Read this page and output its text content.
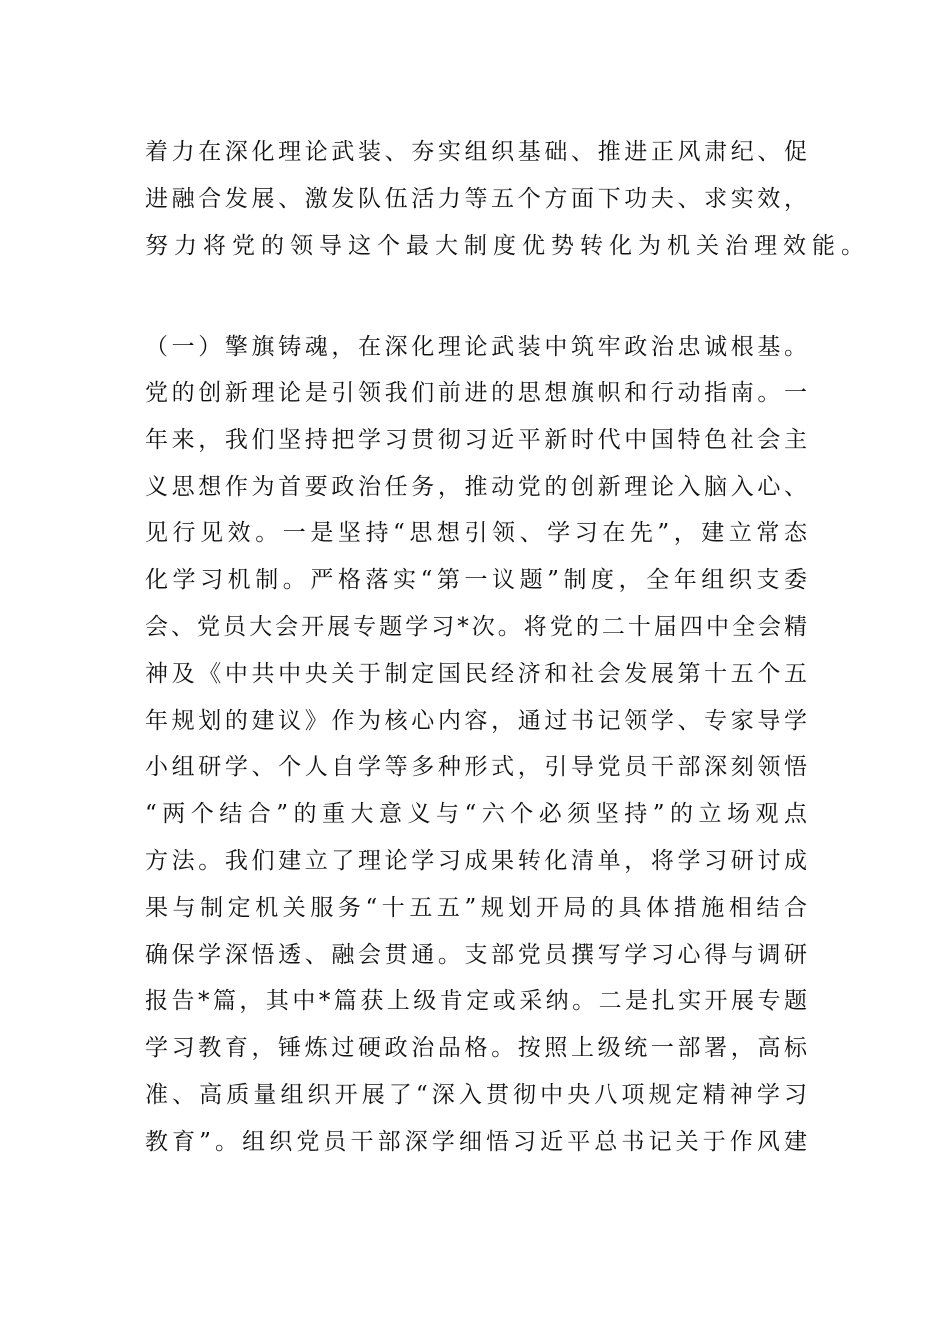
着力在深化理论武装、夯实组织基础、推进正风肃纪、促
进融合发展、激发队伍活力等五个方面下功夫、求实效，
努力将党的领导这个最大制度优势转化为机关治理效能。
（一）擎旗铸魂，在深化理论武装中筑牢政治忠诚根基。
党的创新理论是引领我们前进的思想旗帜和行动指南。一
年来，我们坚持把学习贯彻习近平新时代中国特色社会主
义思想作为首要政治任务，推动党的创新理论入脑入心、
见行见效。一是坚持“思想引领、学习在先”，建立常态
化学习机制。严格落实“第一议题”制度，全年组织支委
会、党员大会开展专题学习*次。将党的二十届四中全会精
神及《中共中央关于制定国民经济和社会发展第十五个五
年规划的建议》作为核心内容，通过书记领学、专家导学
小组研学、个人自学等多种形式，引导党员干部深刻领悟
“两个结合”的重大意义与“六个必须坚持”的立场观点
方法。我们建立了理论学习成果转化清单，将学习研讨成
果与制定机关服务“十五五”规划开局的具体措施相结合
确保学深悟透、融会贯通。支部党员撰写学习心得与调研
报告*篇，其中*篇获上级肯定或采纳。二是扎实开展专题
学习教育，锤炼过硬政治品格。按照上级统一部署，高标
准、高质量组织开展了“深入贯彻中央八项规定精神学习
教育”。组织党员干部深学细悟习近平总书记关于作风建
